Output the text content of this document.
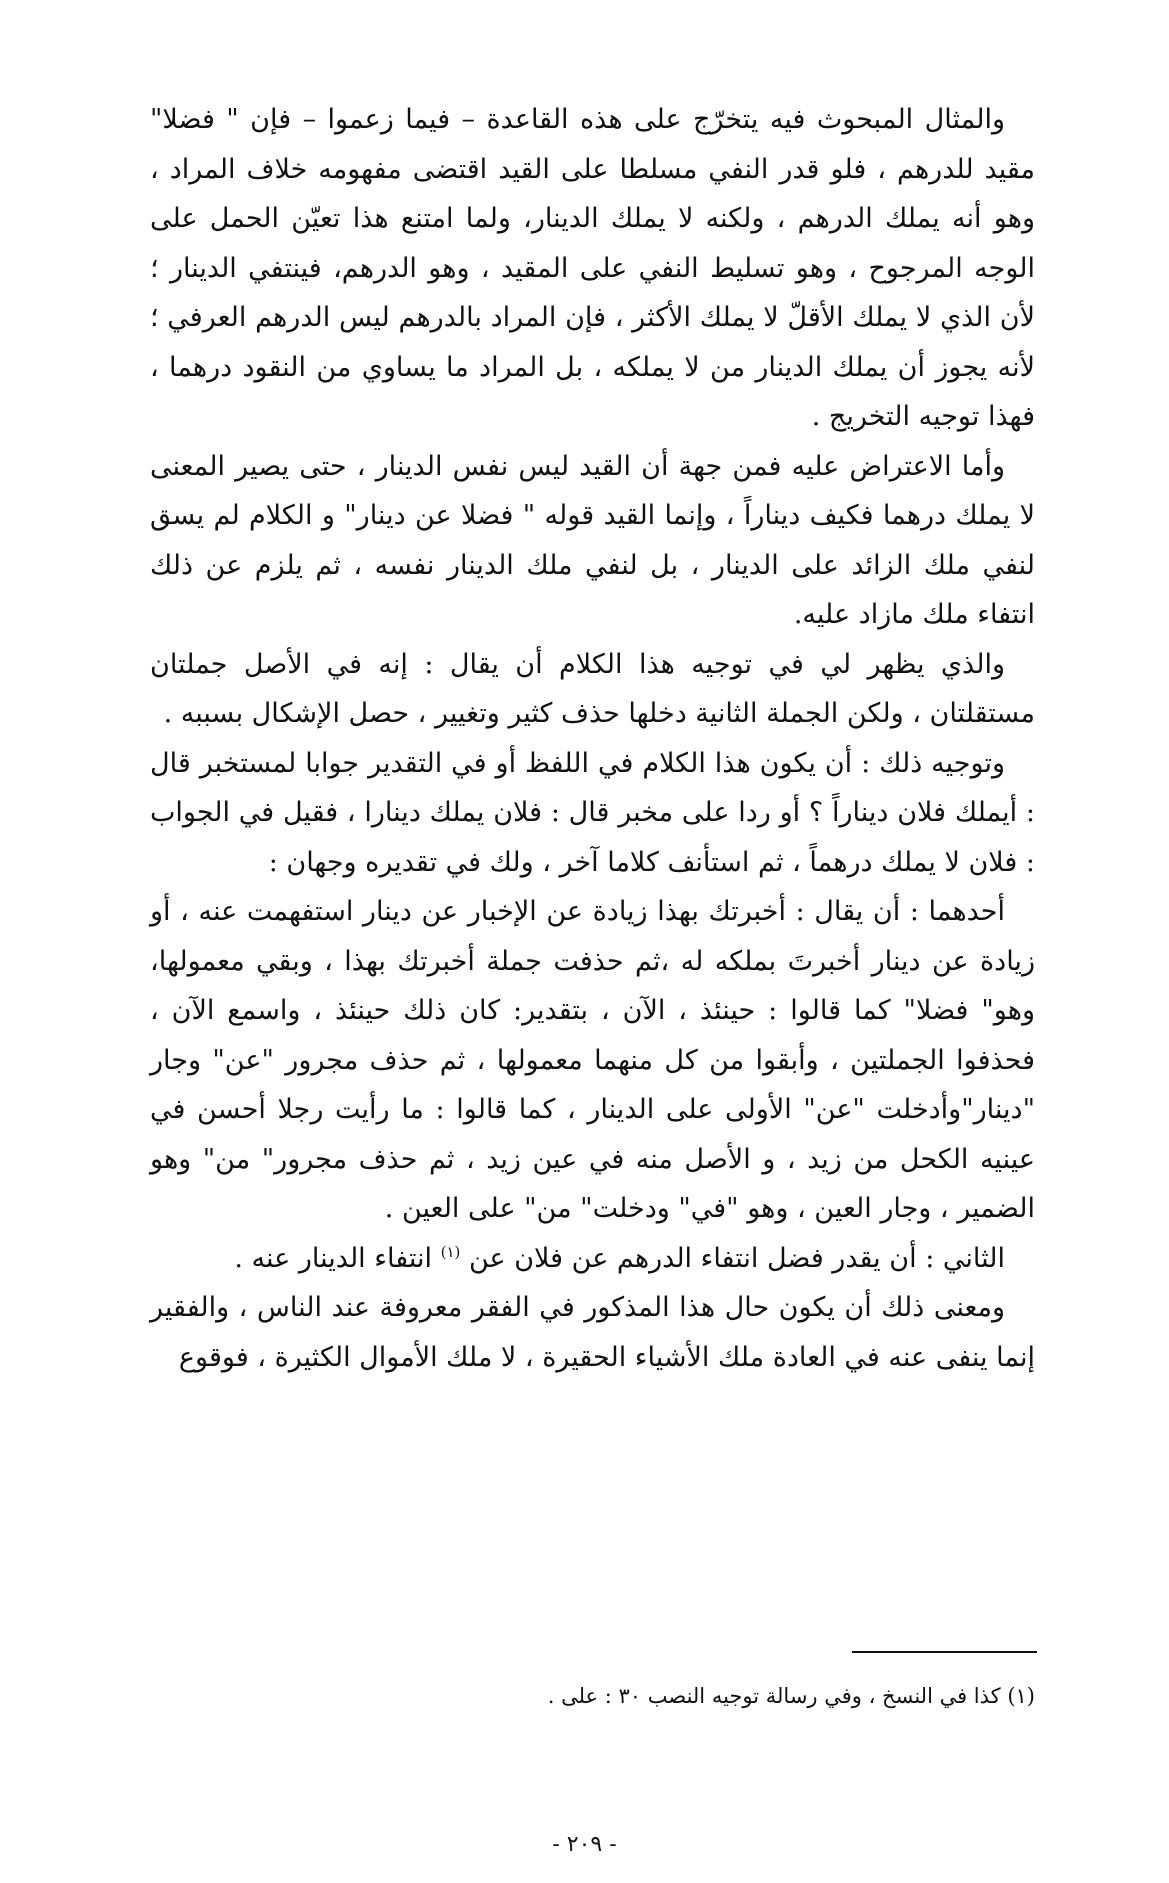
والمثال المبحوث فيه يتخرّج على هذه القاعدة – فيما زعموا – فإن " فضلا" مقيد للدرهم ، فلو قدر النفي مسلطا على القيد اقتضى مفهومه خلاف المراد ، وهو أنه يملك الدرهم ، ولكنه لا يملك الدينار، ولما امتنع هذا تعيّن الحمل على الوجه المرجوح ، وهو تسليط النفي على المقيد ، وهو الدرهم، فينتفي الدينار ؛ لأن الذي لا يملك الأقلّ لا يملك الأكثر ، فإن المراد بالدرهم ليس الدرهم العرفي ؛ لأنه يجوز أن يملك الدينار من لا يملكه ، بل المراد ما يساوي من النقود درهما ، فهذا توجيه التخريج .

وأما الاعتراض عليه فمن جهة أن القيد ليس نفس الدينار ، حتى يصير المعنى لا يملك درهما فكيف ديناراً ، وإنما القيد قوله " فضلا عن دينار" و الكلام لم يسق لنفي ملك الزائد على الدينار ، بل لنفي ملك الدينار نفسه ، ثم يلزم عن ذلك انتفاء ملك مازاد عليه.

والذي يظهر لي في توجيه هذا الكلام أن يقال : إنه في الأصل جملتان مستقلتان ، ولكن الجملة الثانية دخلها حذف كثير وتغيير ، حصل الإشكال بسببه .

وتوجيه ذلك : أن يكون هذا الكلام في اللفظ أو في التقدير جوابا لمستخبر قال : أيملك فلان ديناراً ؟ أو ردا على مخبر قال : فلان يملك دينارا ، فقيل في الجواب : فلان لا يملك درهماً ، ثم استأنف كلاما آخر ، ولك في تقديره وجهان :

أحدهما : أن يقال : أخبرتك بهذا زيادة عن الإخبار عن دينار استفهمت عنه ، أو زيادة عن دينار أخبرتَ بملكه له ،ثم حذفت جملة أخبرتك بهذا ، وبقي معمولها، وهو" فضلا" كما قالوا : حينئذ ، الآن ، بتقدير: كان ذلك حينئذ ، واسمع الآن ، فحذفوا الجملتين ، وأبقوا من كل منهما معمولها ، ثم حذف مجرور "عن" وجار "دينار"وأدخلت "عن" الأولى على الدينار ، كما قالوا : ما رأيت رجلا أحسن في عينيه الكحل من زيد ، و الأصل منه في عين زيد ، ثم حذف مجرور" من" وهو الضمير ، وجار العين ، وهو "في" ودخلت" من" على العين .

الثاني : أن يقدر فضل انتفاء الدرهم عن فلان عن $^{(١)}$ انتفاء الدينار عنه .

ومعنى ذلك أن يكون حال هذا المذكور في الفقر معروفة عند الناس ، والفقير إنما ينفى عنه في العادة ملك الأشياء الحقيرة ، لا ملك الأموال الكثيرة ، فوقوع

(١) كذا في النسخ ، وفي رسالة توجيه النصب ٣٠ : على .
- ٢٠٩ -
